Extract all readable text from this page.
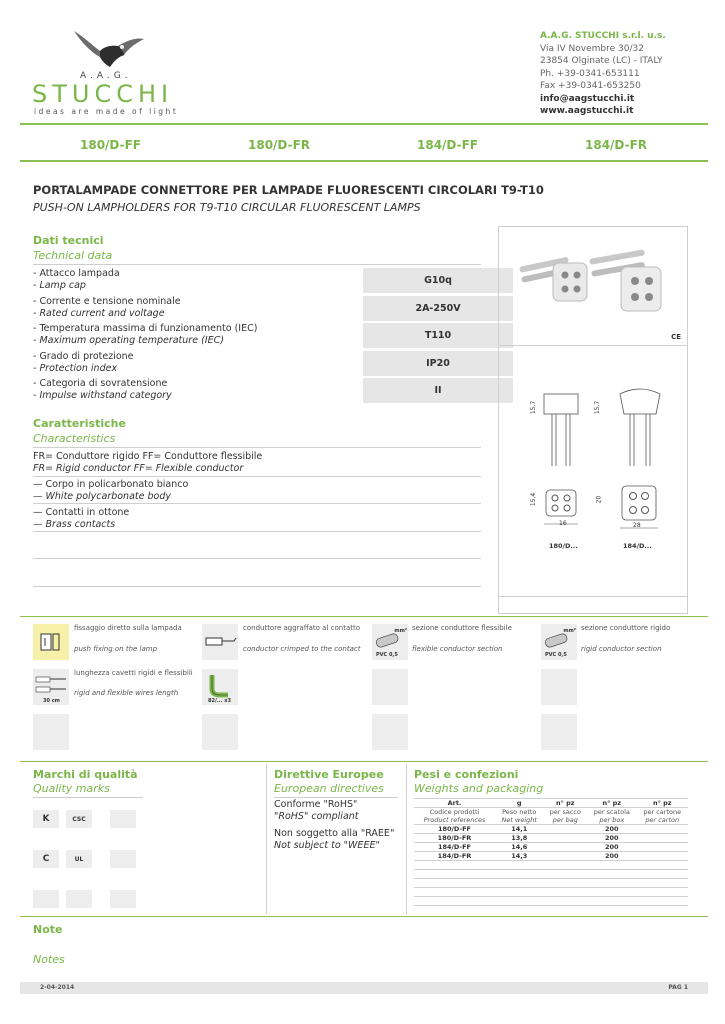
A.A.G.
STUCCHI
ideas are made of light
A.A.G. STUCCHI s.r.l. u.s.
Via IV Novembre 30/32
23854 Olginate (LC) - ITALY
Ph. +39-0341-653111
Fax +39-0341-653250
info@aagstucchi.it
www.aagstucchi.it
180/D-FF	180/D-FR	184/D-FF	184/D-FR
PORTALAMPADE CONNETTORE PER LAMPADE FLUORESCENTI CIRCOLARI T9-T10
PUSH-ON LAMPHOLDERS FOR T9-T10 CIRCULAR FLUORESCENT LAMPS
Dati tecnici
Technical data
- Attacco lampada
- Lamp cap	G10q
- Corrente e tensione nominale
- Rated current and voltage	2A-250V
- Temperatura massima di funzionamento (IEC)
- Maximum operating temperature (IEC)	T110
- Grado di protezione
- Protection index	IP20
- Categoria di sovratensione
- Impulse withstand category	II
Caratteristiche
Characteristics
FR= Conduttore rigido FF= Conduttore flessibile
FR= Rigid conductor FF= Flexible conductor
— Corpo in policarbonato bianco
— White polycarbonate body
— Contatti in ottone
— Brass contacts
CE
15,7	15,7
15,4	20
16	28
180/D...	184/D...
fissaggio diretto sulla lampada
push fixing on the lamp
conduttore aggraffato al contatto
conductor crimped to the contact
mm²
PVC 0,5
sezione conduttore flessibile
flexible conductor section
mm²
PVC 0,5
sezione conduttore rigido
rigid conductor section
30 cm
lunghezza cavetti rigidi e flessibili
rigid and flexible wires length
82/... x3
Marchi di qualità
Quality marks
K	CSC
C	UL
Direttive Europee
European directives
Conforme "RoHS"
"RoHS" compliant
Non soggetto alla "RAEE"
Not subject to "WEEE"
Pesi e confezioni
Weights and packaging
Art.	g	n° pz	n° pz	n° pz
Codice prodotti
Product references	Peso netto
Net weight	per sacco
per bag	per scatola
per box	per cartone
per carton
180/D-FF	14,1		200	
180/D-FR	13,8		200	
184/D-FF	14,6		200	
184/D-FR	14,3		200	

Note
Notes
2-04-2014	PAG 1
